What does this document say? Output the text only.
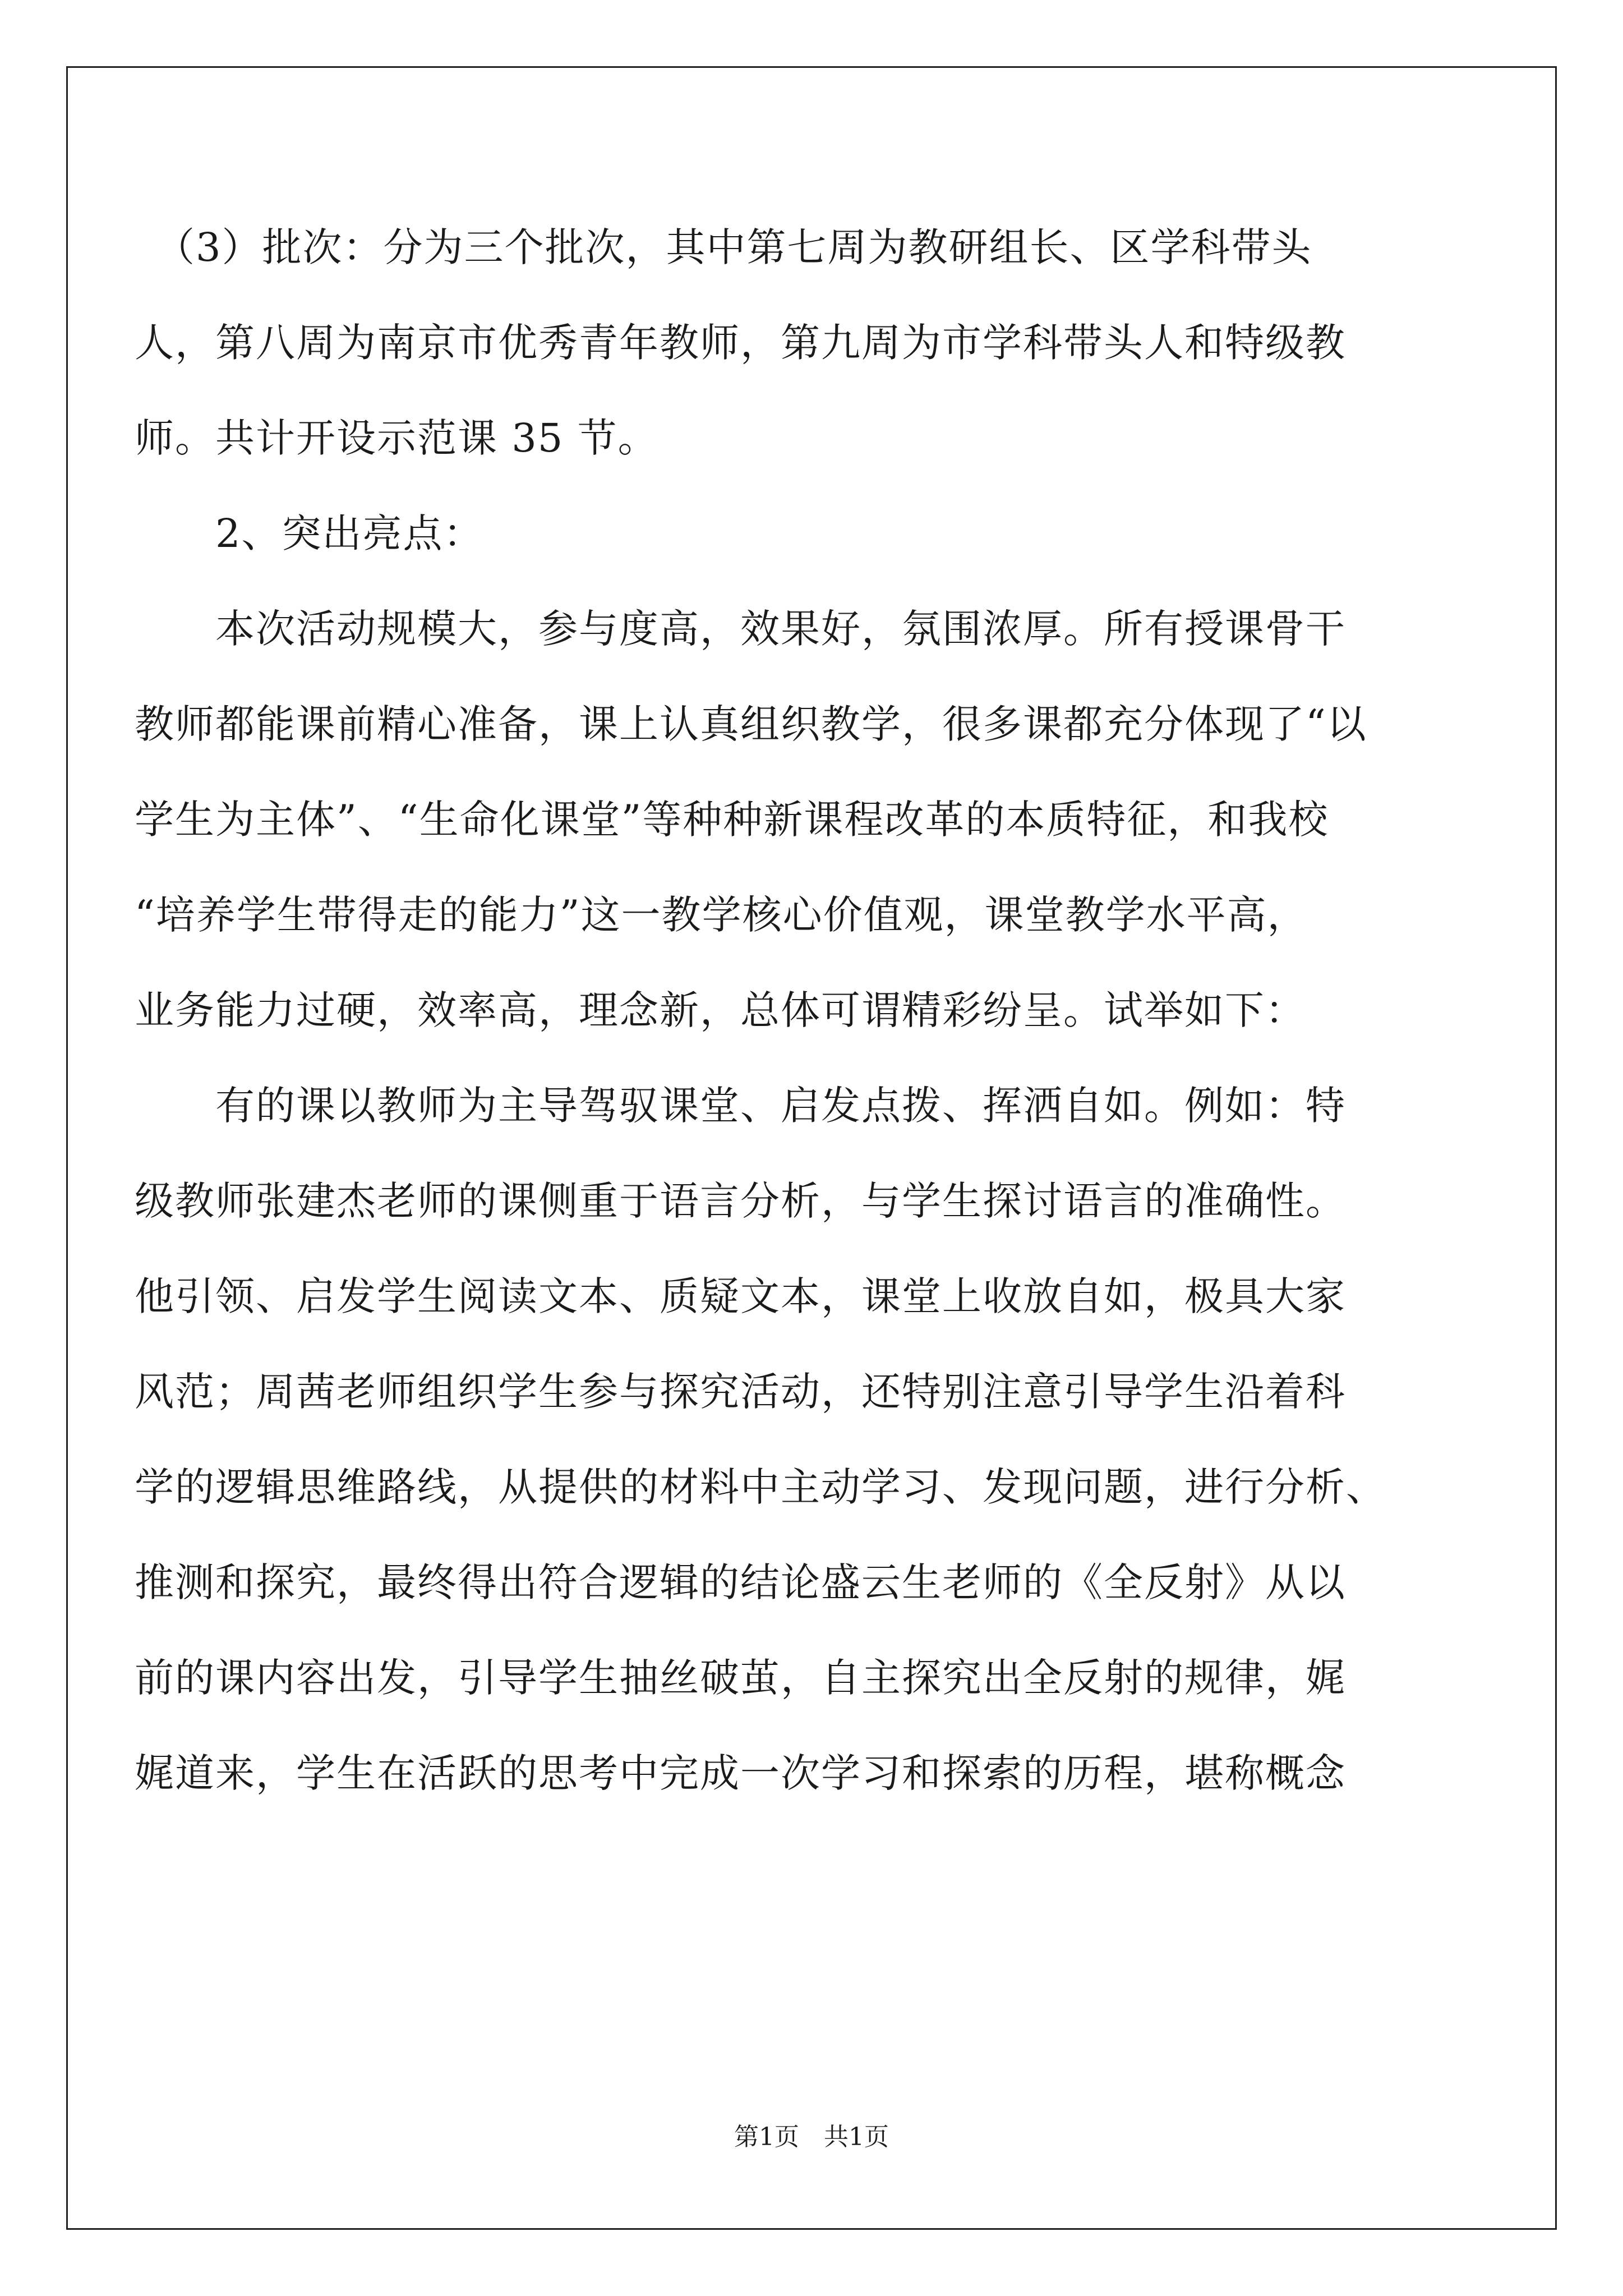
　（3）批次：分为三个批次，其中第七周为教研组长、区学科带头
人，第八周为南京市优秀青年教师，第九周为市学科带头人和特级教
师。共计开设示范课 35 节。
　　2、突出亮点：
　　本次活动规模大，参与度高，效果好，氛围浓厚。所有授课骨干
教师都能课前精心准备，课上认真组织教学，很多课都充分体现了“以
学生为主体”、“生命化课堂”等种种新课程改革的本质特征，和我校
“培养学生带得走的能力”这一教学核心价值观，课堂教学水平高，
业务能力过硬，效率高，理念新，总体可谓精彩纷呈。试举如下：
　　有的课以教师为主导驾驭课堂、启发点拨、挥洒自如。例如：特
级教师张建杰老师的课侧重于语言分析，与学生探讨语言的准确性。
他引领、启发学生阅读文本、质疑文本，课堂上收放自如，极具大家
风范；周茜老师组织学生参与探究活动，还特别注意引导学生沿着科
学的逻辑思维路线，从提供的材料中主动学习、发现问题，进行分析、
推测和探究，最终得出符合逻辑的结论盛云生老师的《全反射》从以
前的课内容出发，引导学生抽丝破茧，自主探究出全反射的规律，娓
娓道来，学生在活跃的思考中完成一次学习和探索的历程，堪称概念
第1页　共1页
